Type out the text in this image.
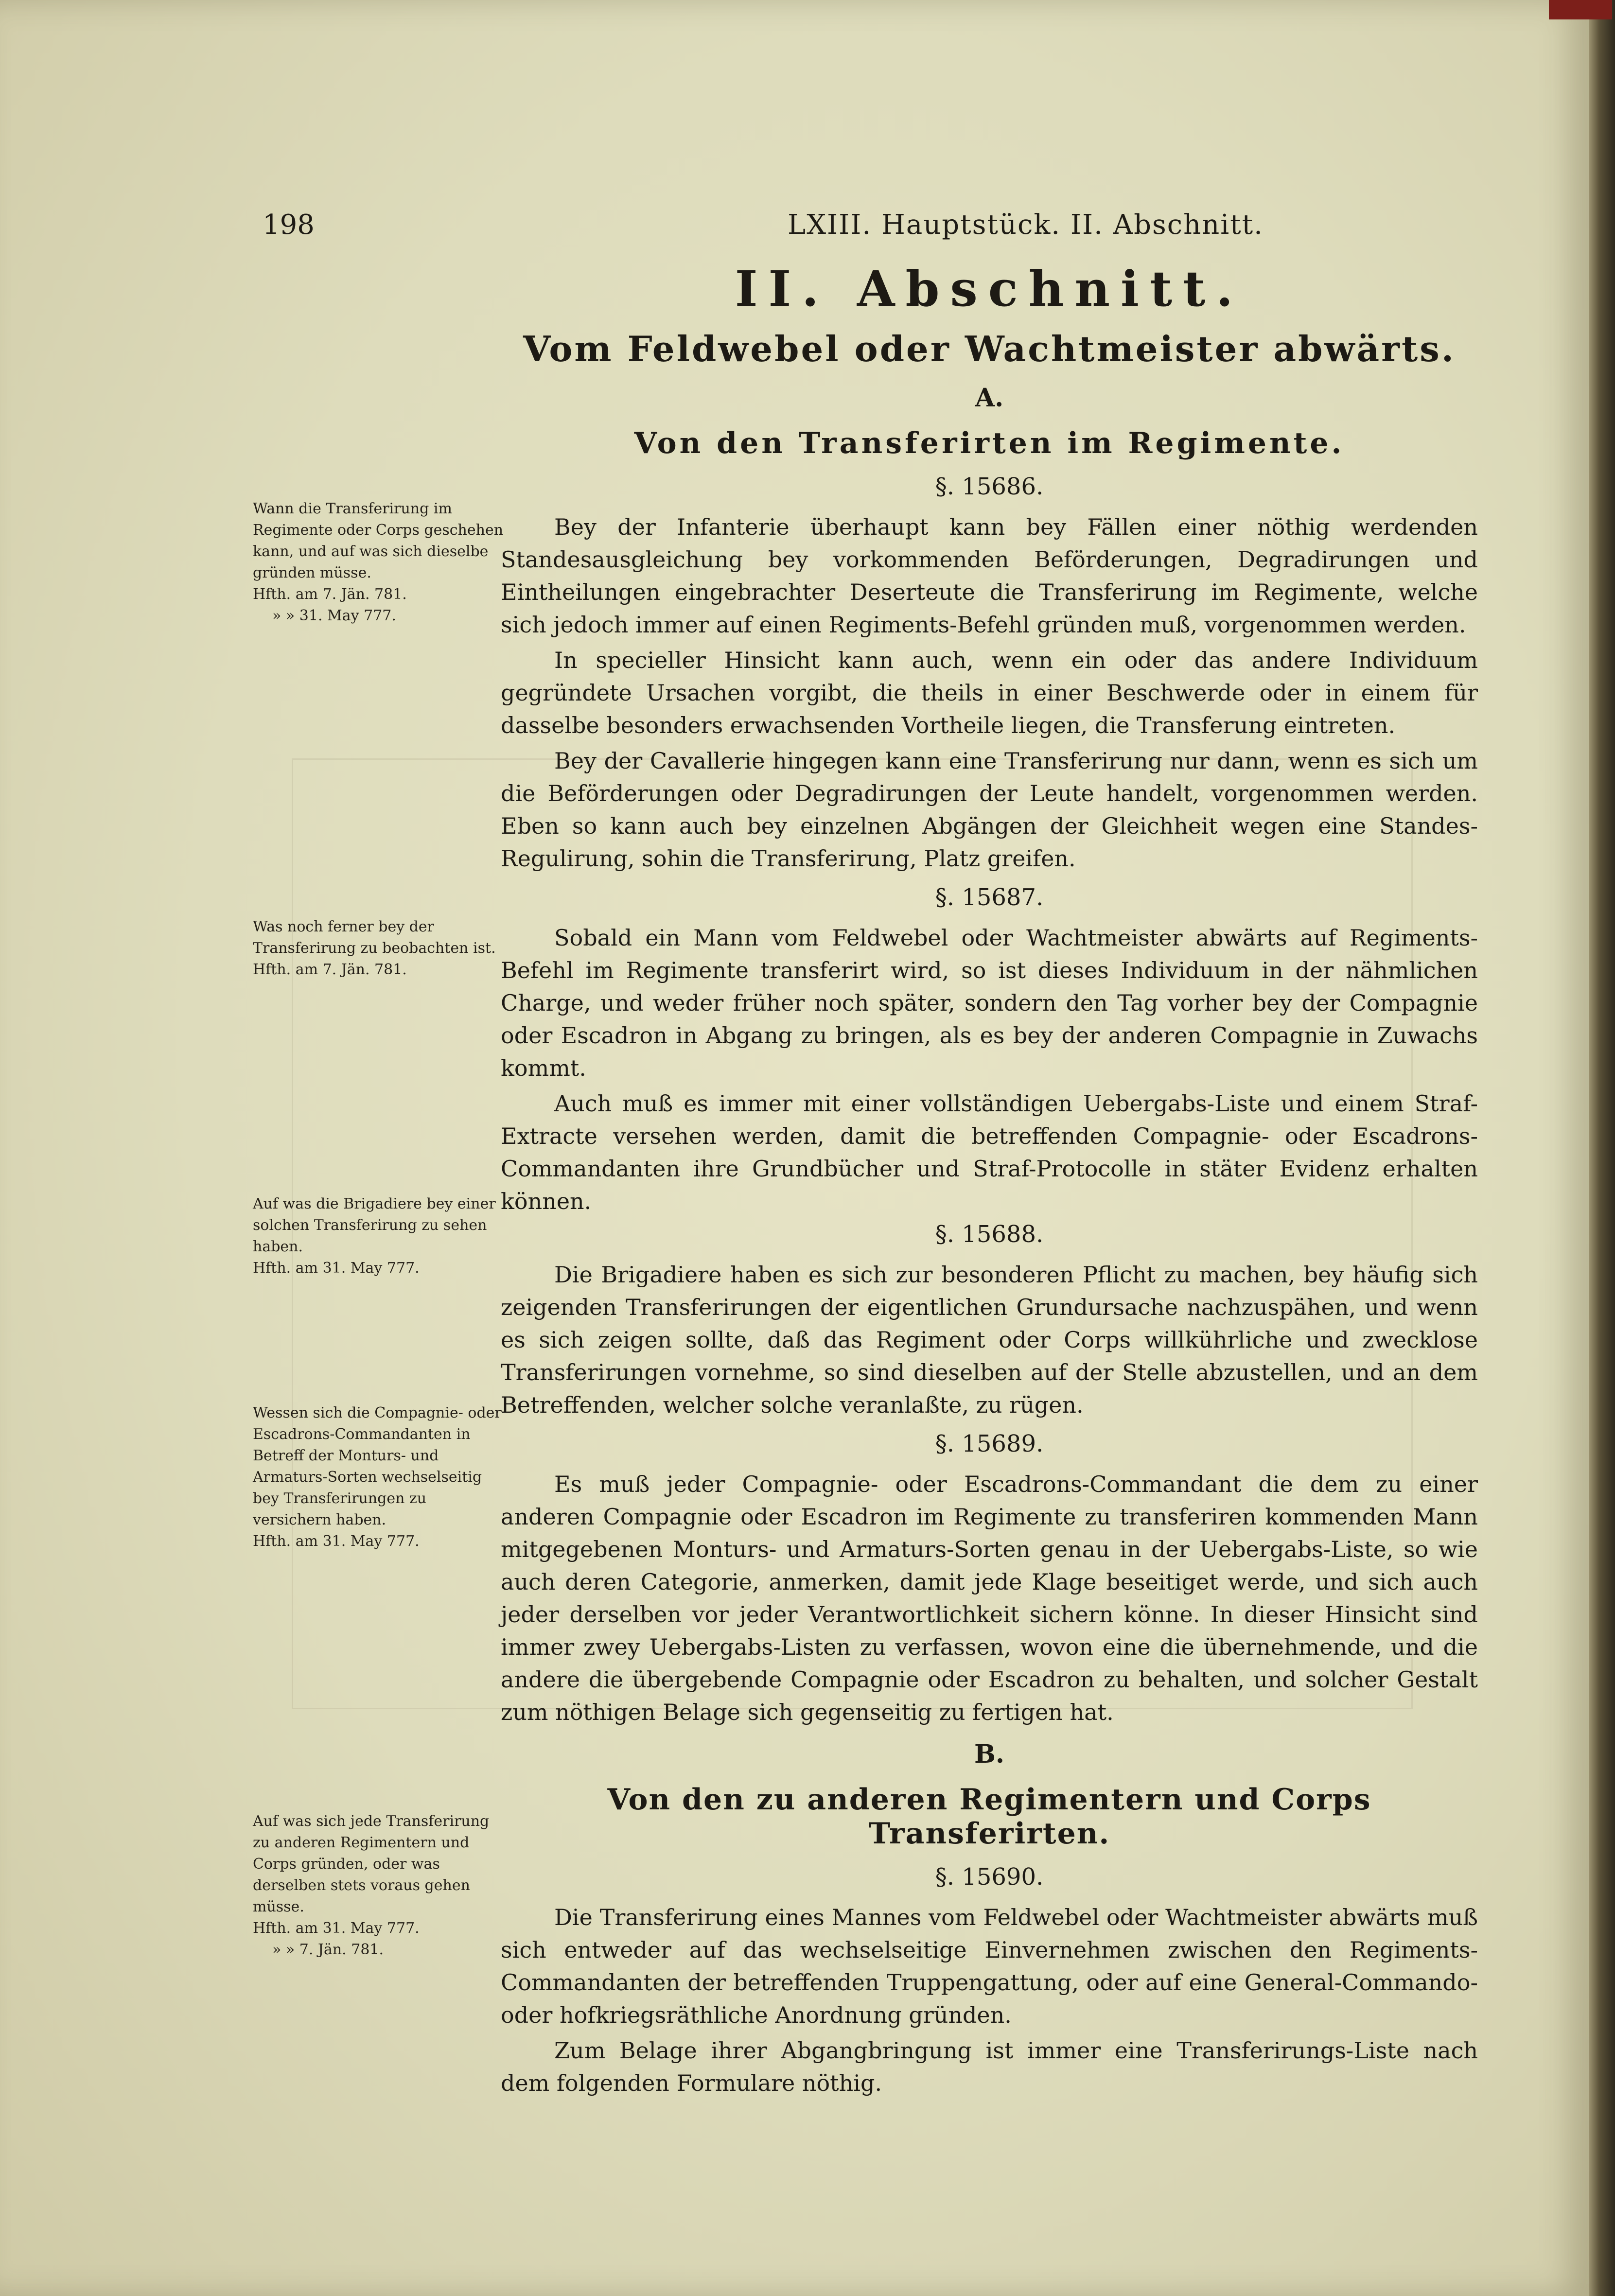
198	LXIII. Hauptstück. II. Abschnitt.
Wann die Transferirung im Regimente oder Corps geschehen kann, und auf was sich dieselbe gründen müsse.
Hfth. am 7. Jän. 781.
» » 31. May 777.
Was noch ferner bey der Transferirung zu beobachten ist.
Hfth. am 7. Jän. 781.
Auf was die Brigadiere bey einer solchen Transferirung zu sehen haben.
Hfth. am 31. May 777.
Wessen sich die Compagnie- oder Escadrons-Commandanten in Betreff der Monturs- und Armaturs-Sorten wechselseitig bey Transferirungen zu versichern haben.
Hfth. am 31. May 777.
Auf was sich jede Transferirung zu anderen Regimentern und Corps gründen, oder was derselben stets voraus gehen müsse.
Hfth. am 31. May 777.
» » 7. Jän. 781.
II. Abschnitt.
Vom Feldwebel oder Wachtmeister abwärts.
A.
Von den Transferirten im Regimente.
§. 15686.

Bey der Infanterie überhaupt kann bey Fällen einer nöthig werdenden Standesausgleichung bey vorkommenden Beförderungen, Degradirungen und Eintheilungen eingebrachter Deserteute die Transferirung im Regimente, welche sich jedoch immer auf einen Regiments-Befehl gründen muß, vorgenommen werden.

In specieller Hinsicht kann auch, wenn ein oder das andere Individuum gegründete Ursachen vorgibt, die theils in einer Beschwerde oder in einem für dasselbe besonders erwachsenden Vortheile liegen, die Transferung eintreten.

Bey der Cavallerie hingegen kann eine Transferirung nur dann, wenn es sich um die Beförderungen oder Degradirungen der Leute handelt, vorgenommen werden. Eben so kann auch bey einzelnen Abgängen der Gleichheit wegen eine Standes-Regulirung, sohin die Transferirung, Platz greifen.

§. 15687.

Sobald ein Mann vom Feldwebel oder Wachtmeister abwärts auf Regiments-Befehl im Regimente transferirt wird, so ist dieses Individuum in der nähmlichen Charge, und weder früher noch später, sondern den Tag vorher bey der Compagnie oder Escadron in Abgang zu bringen, als es bey der anderen Compagnie in Zuwachs kommt.

Auch muß es immer mit einer vollständigen Uebergabs-Liste und einem Straf-Extracte versehen werden, damit die betreffenden Compagnie- oder Escadrons-Commandanten ihre Grundbücher und Straf-Protocolle in stäter Evidenz erhalten können.

§. 15688.

Die Brigadiere haben es sich zur besonderen Pflicht zu machen, bey häufig sich zeigenden Transferirungen der eigentlichen Grundursache nachzuspähen, und wenn es sich zeigen sollte, daß das Regiment oder Corps willkührliche und zwecklose Transferirungen vornehme, so sind dieselben auf der Stelle abzustellen, und an dem Betreffenden, welcher solche veranlaßte, zu rügen.

§. 15689.

Es muß jeder Compagnie- oder Escadrons-Commandant die dem zu einer anderen Compagnie oder Escadron im Regimente zu transferiren kommenden Mann mitgegebenen Monturs- und Armaturs-Sorten genau in der Uebergabs-Liste, so wie auch deren Categorie, anmerken, damit jede Klage beseitiget werde, und sich auch jeder derselben vor jeder Verantwortlichkeit sichern könne. In dieser Hinsicht sind immer zwey Uebergabs-Listen zu verfassen, wovon eine die übernehmende, und die andere die übergebende Compagnie oder Escadron zu behalten, und solcher Gestalt zum nöthigen Belage sich gegenseitig zu fertigen hat.

B.
Von den zu anderen Regimentern und Corps Transferirten.
§. 15690.

Die Transferirung eines Mannes vom Feldwebel oder Wachtmeister abwärts muß sich entweder auf das wechselseitige Einvernehmen zwischen den Regiments-Commandanten der betreffenden Truppengattung, oder auf eine General-Commando- oder hofkriegsräthliche Anordnung gründen.

Zum Belage ihrer Abgangbringung ist immer eine Transferirungs-Liste nach dem folgenden Formulare nöthig.
